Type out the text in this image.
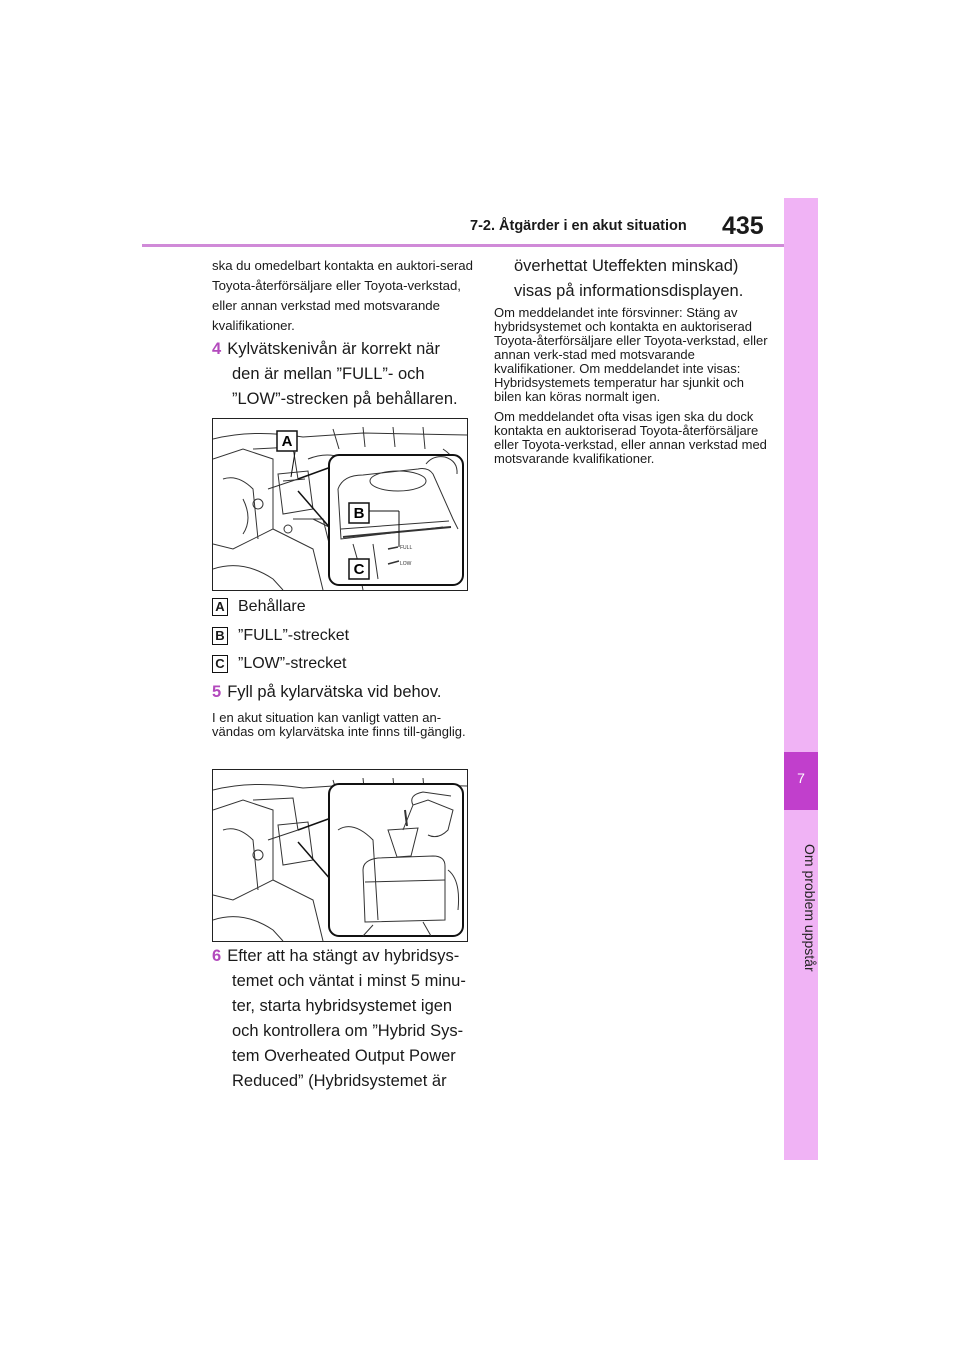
7-2. Åtgärder i en akut situation	435
7
Om problem uppstår
ska du omedelbart kontakta en auktori-serad Toyota-återförsäljare eller Toyota-verkstad, eller annan verkstad med motsvarande kvalifikationer.
4 Kylvätskenivån är korrekt när
den är mellan ”FULL”- och
”LOW”-strecken på behållaren.
FULL
LOW
A
B
C
A Behållare
B ”FULL”-strecket
C ”LOW”-strecket
5 Fyll på kylarvätska vid behov.
I en akut situation kan vanligt vatten an-vändas om kylarvätska inte finns till-gänglig.
6 Efter att ha stängt av hybridsys-
temet och väntat i minst 5 minu-
ter, starta hybridsystemet igen
och kontrollera om ”Hybrid Sys-
tem Overheated Output Power
Reduced” (Hybridsystemet är
överhettat Uteffekten minskad)
visas på informationsdisplayen.

Om meddelandet inte försvinner: Stäng av hybridsystemet och kontakta en auktoriserad Toyota-återförsäljare eller Toyota-verkstad, eller annan verk-stad med motsvarande kvalifikationer. Om meddelandet inte visas: Hybridsystemets temperatur har sjunkit och bilen kan köras normalt igen.

Om meddelandet ofta visas igen ska du dock kontakta en auktoriserad Toyota-återförsäljare eller Toyota-verkstad, eller annan verkstad med motsvarande kvalifikationer.
